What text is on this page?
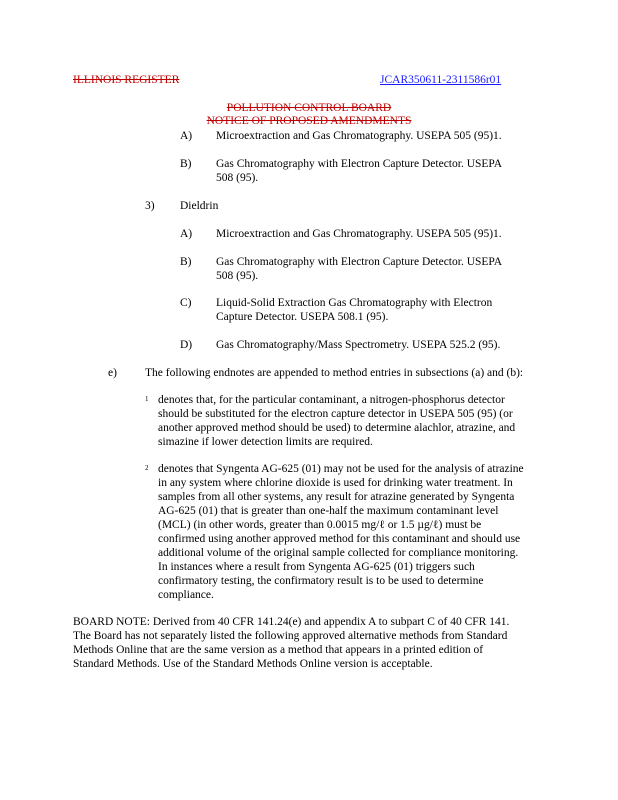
ILLINOIS REGISTER	JCAR350611-2311586r01
POLLUTION CONTROL BOARD
NOTICE OF PROPOSED AMENDMENTS
A) Microextraction and Gas Chromatography. USEPA 505 (95)1.
B) Gas Chromatography with Electron Capture Detector. USEPA
508 (95).
3) Dieldrin
A) Microextraction and Gas Chromatography. USEPA 505 (95)1.
B) Gas Chromatography with Electron Capture Detector. USEPA
508 (95).
C) Liquid-Solid Extraction Gas Chromatography with Electron
Capture Detector. USEPA 508.1 (95).
D) Gas Chromatography/Mass Spectrometry. USEPA 525.2 (95).
e) The following endnotes are appended to method entries in subsections (a) and (b):
1 denotes that, for the particular contaminant, a nitrogen-phosphorus detector
should be substituted for the electron capture detector in USEPA 505 (95) (or
another approved method should be used) to determine alachlor, atrazine, and
simazine if lower detection limits are required.
2 denotes that Syngenta AG-625 (01) may not be used for the analysis of atrazine
in any system where chlorine dioxide is used for drinking water treatment. In
samples from all other systems, any result for atrazine generated by Syngenta
AG-625 (01) that is greater than one-half the maximum contaminant level
(MCL) (in other words, greater than 0.0015 mg/ℓ or 1.5 µg/ℓ) must be
confirmed using another approved method for this contaminant and should use
additional volume of the original sample collected for compliance monitoring.
In instances where a result from Syngenta AG-625 (01) triggers such
confirmatory testing, the confirmatory result is to be used to determine
compliance.
BOARD NOTE: Derived from 40 CFR 141.24(e) and appendix A to subpart C of 40 CFR 141.
The Board has not separately listed the following approved alternative methods from Standard
Methods Online that are the same version as a method that appears in a printed edition of
Standard Methods. Use of the Standard Methods Online version is acceptable.
